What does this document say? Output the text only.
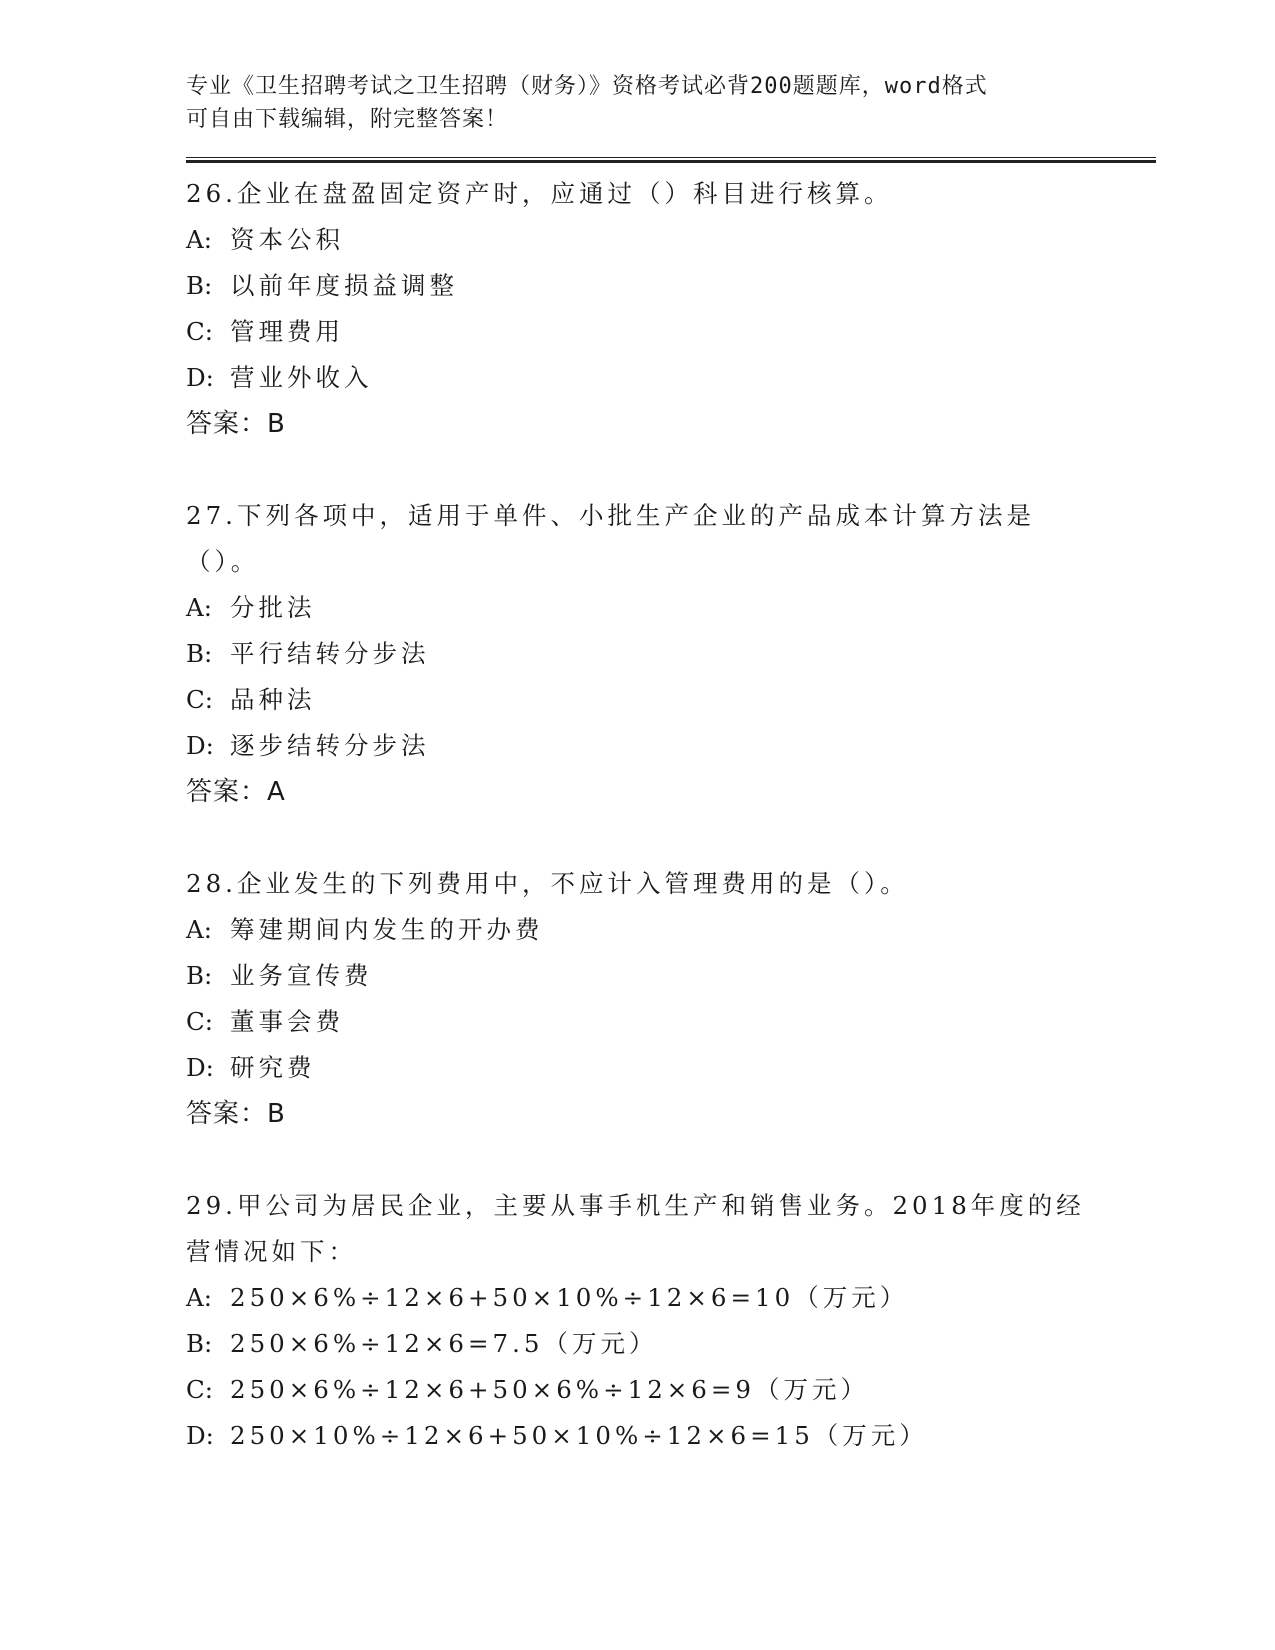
专业《卫生招聘考试之卫生招聘（财务）》资格考试必背200题题库，word格式
可自由下载编辑，附完整答案！
26.企业在盘盈固定资产时，应通过（）科目进行核算。
A: 资本公积
B: 以前年度损益调整
C: 管理费用
D: 营业外收入
答案：B
27.下列各项中，适用于单件、小批生产企业的产品成本计算方法是（）。
A: 分批法
B: 平行结转分步法
C: 品种法
D: 逐步结转分步法
答案：A
28.企业发生的下列费用中，不应计入管理费用的是（）。
A: 筹建期间内发生的开办费
B: 业务宣传费
C: 董事会费
D: 研究费
答案：B
29.甲公司为居民企业，主要从事手机生产和销售业务。2018年度的经营情况如下：
A: 250×6%÷12×6+50×10%÷12×6=10（万元）
B: 250×6%÷12×6=7.5（万元）
C: 250×6%÷12×6+50×6%÷12×6=9（万元）
D: 250×10%÷12×6+50×10%÷12×6=15（万元）
